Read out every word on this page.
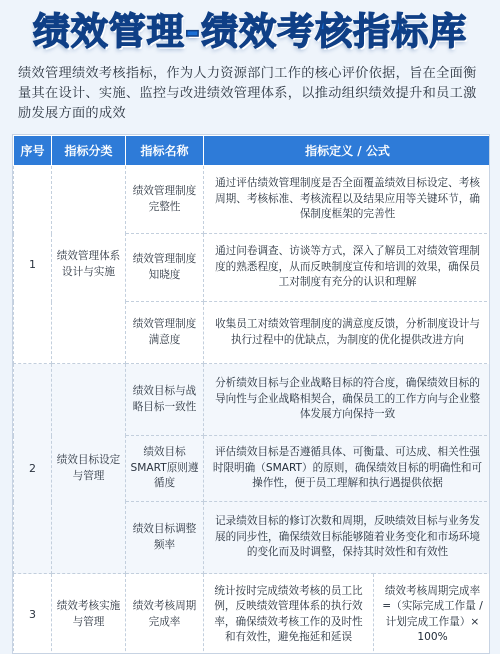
绩效管理-绩效考核指标库
绩效管理绩效考核指标，作为人力资源部门工作的核心评价依据，旨在全面衡量其在设计、实施、监控与改进绩效管理体系，以推动组织绩效提升和员工激励发展方面的成效
序号	指标分类	指标名称	指标定义 / 公式	
1	绩效管理体系设计与实施	绩效管理制度完整性	通过评估绩效管理制度是否全面覆盖绩效目标设定、考核周期、考核标准、考核流程以及结果应用等关键环节，确保制度框架的完善性	
		绩效管理制度知晓度	通过问卷调查、访谈等方式，深入了解员工对绩效管理制度的熟悉程度，从而反映制度宣传和培训的效果，确保员工对制度有充分的认识和理解	
		绩效管理制度满意度	收集员工对绩效管理制度的满意度反馈，分析制度设计与执行过程中的优缺点，为制度的优化提供改进方向	
2	绩效目标设定与管理	绩效目标与战略目标一致性	分析绩效目标与企业战略目标的符合度，确保绩效目标的导向性与企业战略相契合，确保员工的工作方向与企业整体发展方向保持一致	
		绩效目标SMART原则遵循度	评估绩效目标是否遵循具体、可衡量、可达成、相关性强时限明确（SMART）的原则，确保绩效目标的明确性和可操作性，便于员工理解和执行遇提供依据	
		绩效目标调整频率	记录绩效目标的修订次数和周期，反映绩效目标与业务发展的同步性，确保绩效目标能够随着业务变化和市场环境的变化而及时调整，保持其时效性和有效性	
3	绩效考核实施与管理	绩效考核周期完成率	统计按时完成绩效考核的员工比例，反映绩效管理体系的执行效率，确保绩效考核工作的及时性和有效性，避免拖延和延误	绩效考核周期完成率 =（实际完成工作量 / 计划完成工作量）× 100%
